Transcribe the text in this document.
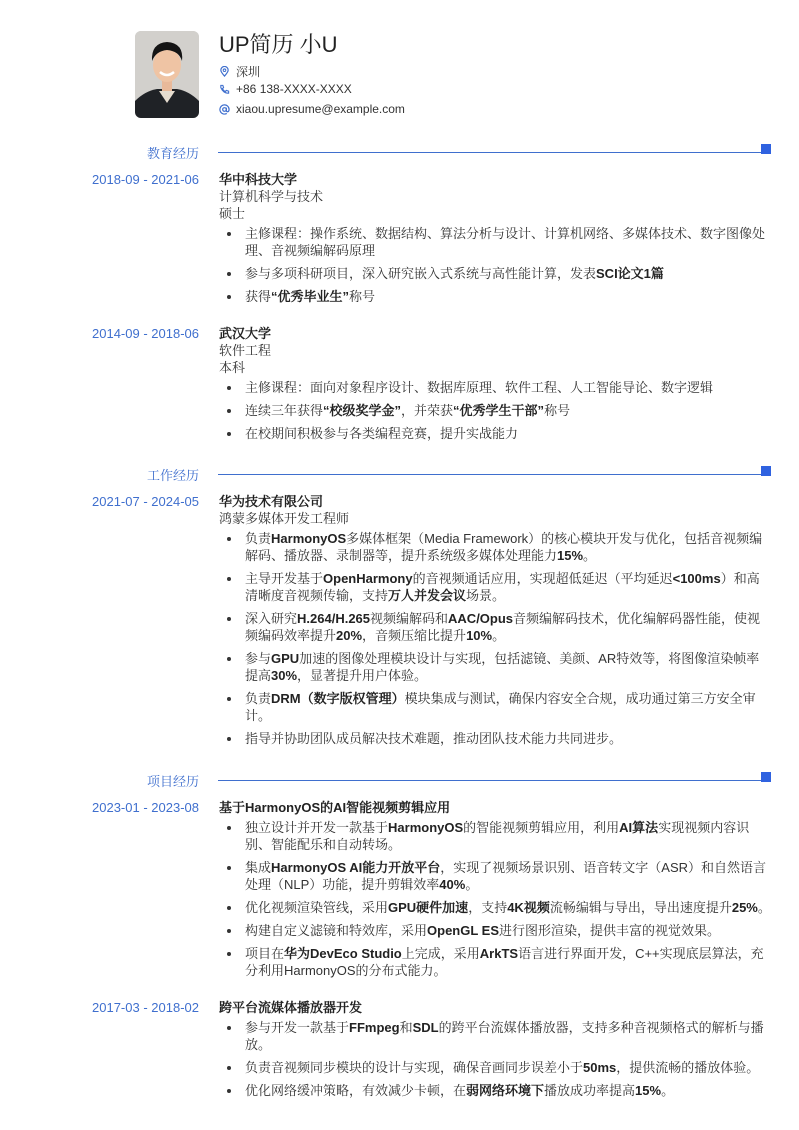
UP简历 小U
深圳
+86 138-XXXX-XXXX
xiaou.upresume@example.com
教育经历
2018-09 - 2021-06 华中科技大学
计算机科学与技术
硕士
主修课程：操作系统、数据结构、算法分析与设计、计算机网络、多媒体技术、数字图像处理、音视频编解码原理
参与多项科研项目，深入研究嵌入式系统与高性能计算，发表SCI论文1篇
获得“优秀毕业生”称号
2014-09 - 2018-06 武汉大学
软件工程
本科
主修课程：面向对象程序设计、数据库原理、软件工程、人工智能导论、数字逻辑
连续三年获得“校级奖学金”，并荣获“优秀学生干部”称号
在校期间积极参与各类编程竞赛，提升实战能力
工作经历
2021-07 - 2024-05 华为技术有限公司
鸿蒙多媒体开发工程师
负责HarmonyOS多媒体框架（Media Framework）的核心模块开发与优化，包括音视频编解码、播放器、录制器等，提升系统级多媒体处理能力15%。
主导开发基于OpenHarmony的音视频通话应用，实现超低延迟（平均延迟<100ms）和高清晰度音视频传输，支持万人并发会议场景。
深入研究H.264/H.265视频编解码和AAC/Opus音频编解码技术，优化编解码器性能，使视频编码效率提升20%，音频压缩比提升10%。
参与GPU加速的图像处理模块设计与实现，包括滤镜、美颜、AR特效等，将图像渲染帧率提高30%，显著提升用户体验。
负责DRM（数字版权管理）模块集成与测试，确保内容安全合规，成功通过第三方安全审计。
指导并协助团队成员解决技术难题，推动团队技术能力共同进步。
项目经历
2023-01 - 2023-08 基于HarmonyOS的AI智能视频剪辑应用
独立设计并开发一款基于HarmonyOS的智能视频剪辑应用，利用AI算法实现视频内容识别、智能配乐和自动转场。
集成HarmonyOS AI能力开放平台，实现了视频场景识别、语音转文字（ASR）和自然语言处理（NLP）功能，提升剪辑效率40%。
优化视频渲染管线，采用GPU硬件加速，支持4K视频流畅编辑与导出，导出速度提升25%。
构建自定义滤镜和特效库，采用OpenGL ES进行图形渲染，提供丰富的视觉效果。
项目在华为DevEco Studio上完成，采用ArkTS语言进行界面开发，C++实现底层算法，充分利用HarmonyOS的分布式能力。
2017-03 - 2018-02 跨平台流媒体播放器开发
参与开发一款基于FFmpeg和SDL的跨平台流媒体播放器，支持多种音视频格式的解析与播放。
负责音视频同步模块的设计与实现，确保音画同步误差小于50ms，提供流畅的播放体验。
优化网络缓冲策略，有效减少卡顿，在弱网络环境下播放成功率提高15%。
